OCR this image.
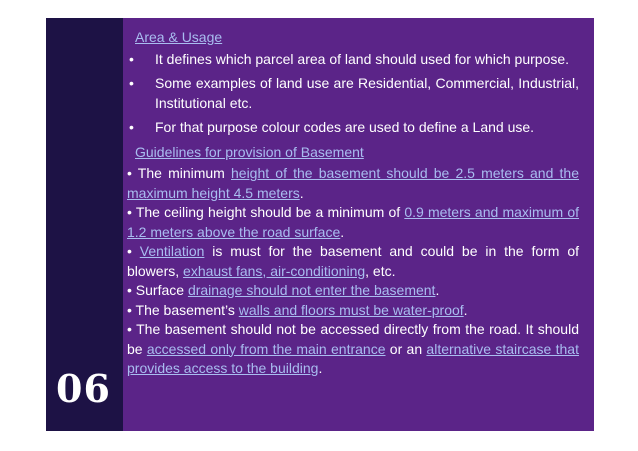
06
Area & Usage
• It defines which parcel area of land should used for which purpose.
• Some examples of land use are Residential, Commercial, Industrial, Institutional etc.
• For that purpose colour codes are used to define a Land use.
Guidelines for provision of Basement

• The minimum height of the basement should be 2.5 meters and the maximum height 4.5 meters.

• The ceiling height should be a minimum of 0.9 meters and maximum of 1.2 meters above the road surface.

• Ventilation is must for the basement and could be in the form of blowers, exhaust fans, air-conditioning, etc.

• Surface drainage should not enter the basement.

• The basement’s walls and floors must be water-proof.

• The basement should not be accessed directly from the road. It should be accessed only from the main entrance or an alternative staircase that provides access to the building.
